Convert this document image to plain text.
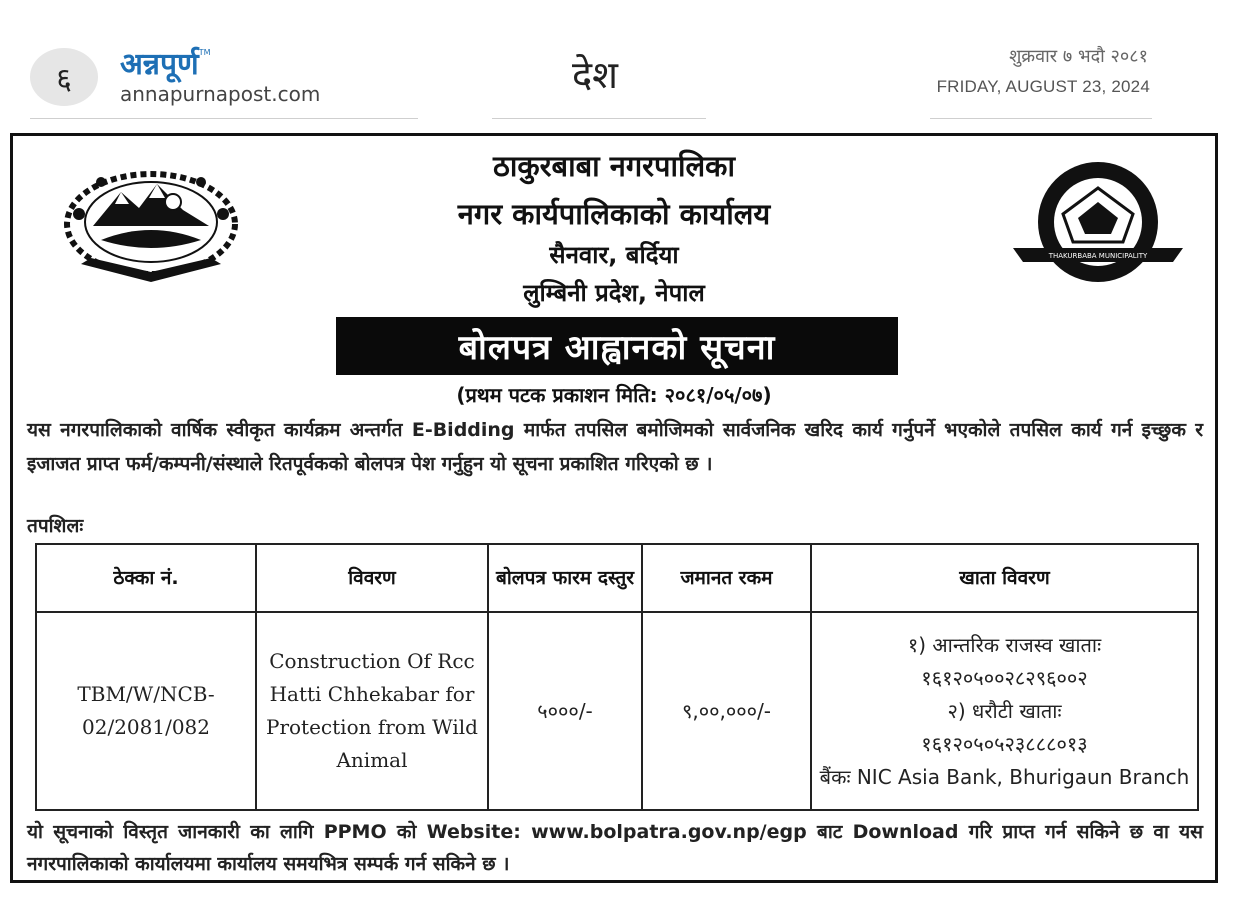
६	अन्नपूर्ण™
annapurnapost.com	देश	शुक्रवार ७ भदौ २०८१
FRIDAY, AUGUST 23, 2024
THAKURBABA MUNICIPALITY
ठाकुरबाबा नगरपालिका
नगर कार्यपालिकाको कार्यालय
सैनवार, बर्दिया
लुम्बिनी प्रदेश, नेपाल
बोलपत्र आह्वानको सूचना
(प्रथम पटक प्रकाशन मिति: २०८१/०५/०७)
यस नगरपालिकाको वार्षिक स्वीकृत कार्यक्रम अन्तर्गत E-Bidding मार्फत तपसिल बमोजिमको सार्वजनिक खरिद कार्य गर्नुपर्ने भएकोले तपसिल कार्य गर्न इच्छुक र इजाजत प्राप्त फर्म/कम्पनी/संस्थाले रितपूर्वकको बोलपत्र पेश गर्नुहुन यो सूचना प्रकाशित गरिएको छ ।
तपशिलः
ठेक्का नं.	विवरण	बोलपत्र फारम दस्तुर	जमानत रकम	खाता विवरण
TBM/W/NCB-02/2081/082	Construction Of Rcc Hatti Chhekabar for Protection from Wild Animal	५०००/-	९,००,०००/-	१) आन्तरिक राजस्व खाताः
१६१२०५००२८२९६००२
२) धरौटी खाताः
१६१२०५०५२३८८८०१३
बैंकः NIC Asia Bank, Bhurigaun Branch
यो सूचनाको विस्तृत जानकारी का लागि PPMO को Website: www.bolpatra.gov.np/egp बाट Download गरि प्राप्त गर्न सकिने छ वा यस नगरपालिकाको कार्यालयमा कार्यालय समयभित्र सम्पर्क गर्न सकिने छ ।
